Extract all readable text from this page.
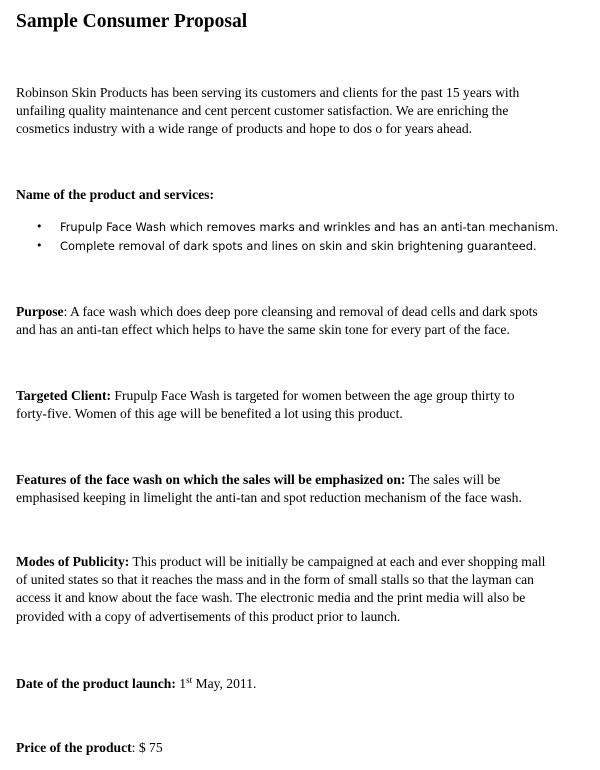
Sample Consumer Proposal

Robinson Skin Products has been serving its customers and clients for the past 15 years with

unfailing quality maintenance and cent percent customer satisfaction. We are enriching the

cosmetics industry with a wide range of products and hope to dos o for years ahead.

Name of the product and services:
• Frupulp Face Wash which removes marks and wrinkles and has an anti-tan mechanism.
• Complete removal of dark spots and lines on skin and skin brightening guaranteed.

Purpose: A face wash which does deep pore cleansing and removal of dead cells and dark spots

and has an anti-tan effect which helps to have the same skin tone for every part of the face.

Targeted Client: Frupulp Face Wash is targeted for women between the age group thirty to

forty-five. Women of this age will be benefited a lot using this product.

Features of the face wash on which the sales will be emphasized on: The sales will be

emphasised keeping in limelight the anti-tan and spot reduction mechanism of the face wash.

Modes of Publicity: This product will be initially be campaigned at each and ever shopping mall

of united states so that it reaches the mass and in the form of small stalls so that the layman can

access it and know about the face wash. The electronic media and the print media will also be

provided with a copy of advertisements of this product prior to launch.

Date of the product launch: 1st May, 2011.

Price of the product: $ 75
